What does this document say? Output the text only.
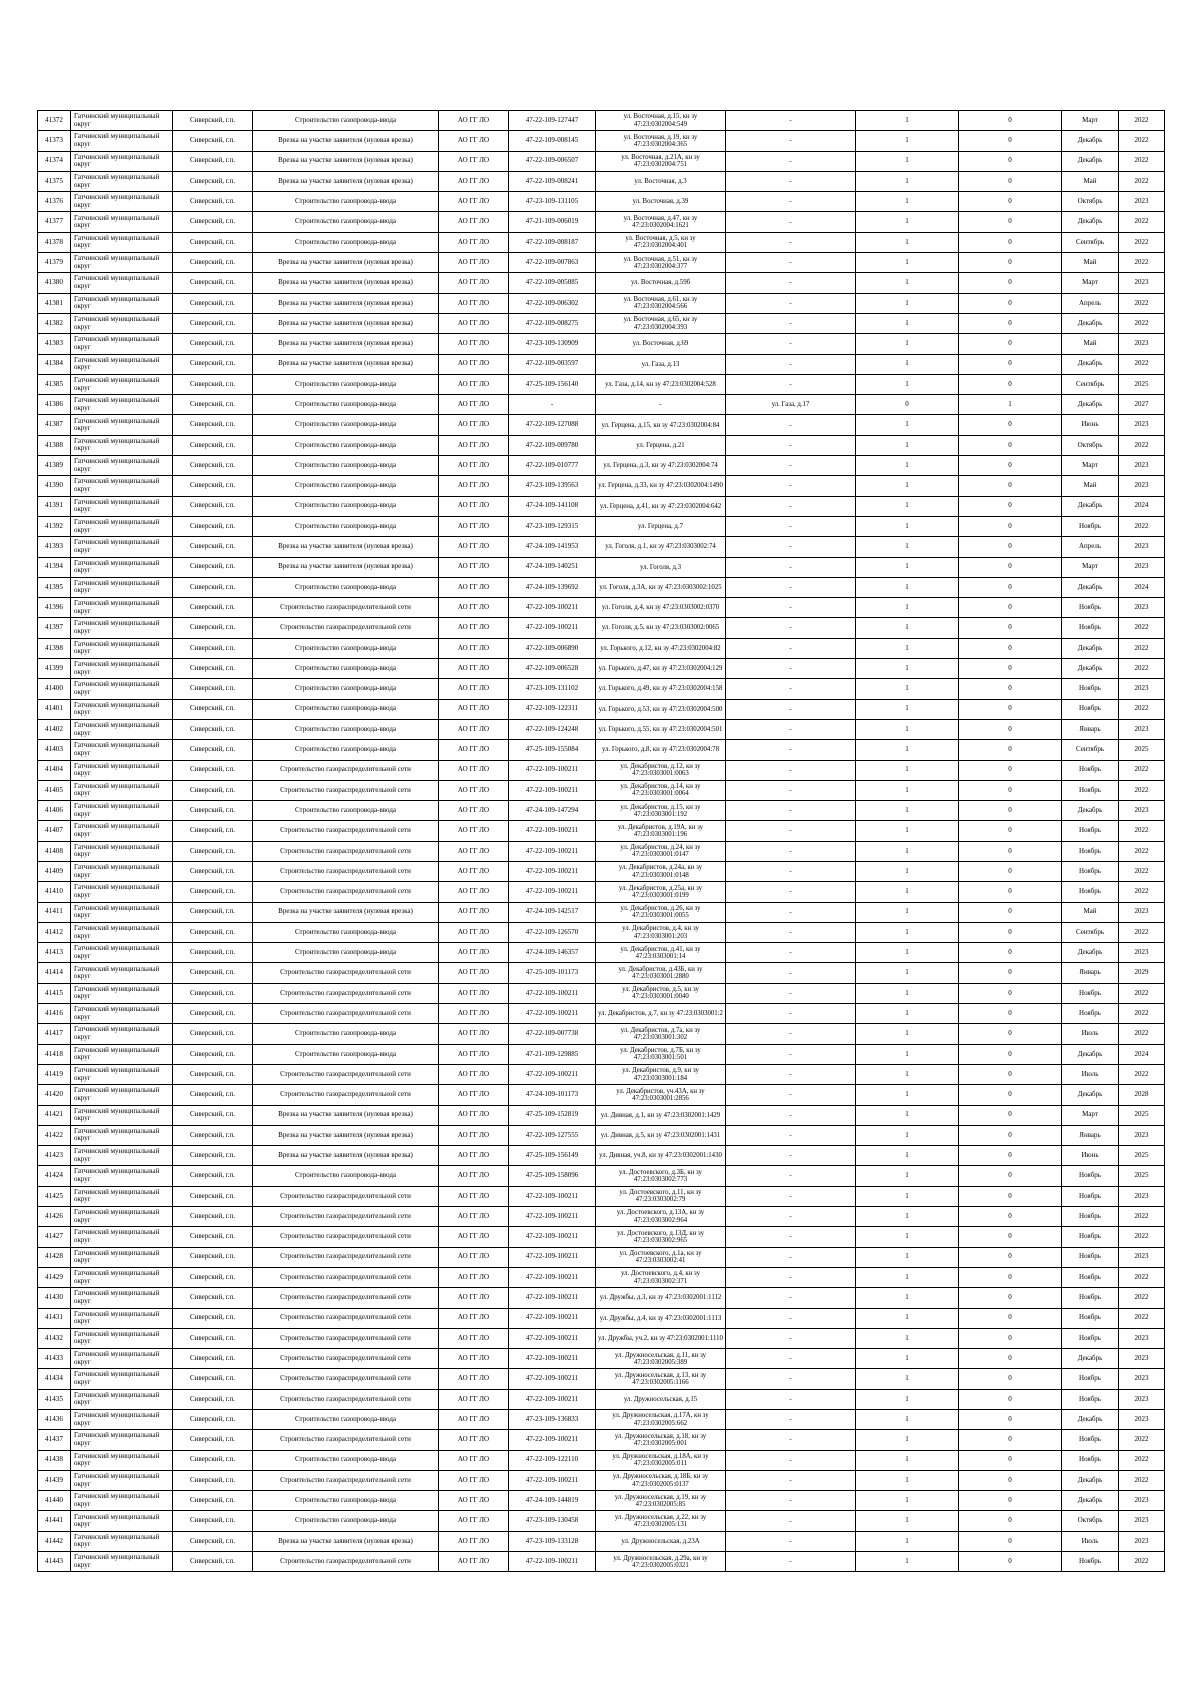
41372	Гатчинский муниципальный округ	Сиверский, г.п.	Строительство газопровода-ввода	АО ГГ ЛО	47-22-109-127447	ул. Восточная, д.15, кн зу 47:23:0302004:549	-	1	0	Март	2022
41373	Гатчинский муниципальный округ	Сиверский, г.п.	Врезка на участке заявителя (нулевая врезка)	АО ГГ ЛО	47-22-109-008145	ул. Восточная, д.19, кн зу 47:23:0302004:365	-	1	0	Декабрь	2022
41374	Гатчинский муниципальный округ	Сиверский, г.п.	Врезка на участке заявителя (нулевая врезка)	АО ГГ ЛО	47-22-109-006507	ул. Восточная, д.21А, кн зу 47:23:0302004:751	-	1	0	Декабрь	2022
41375	Гатчинский муниципальный округ	Сиверский, г.п.	Врезка на участке заявителя (нулевая врезка)	АО ГГ ЛО	47-22-109-008241	ул. Восточная, д.3	-	1	0	Май	2022
41376	Гатчинский муниципальный округ	Сиверский, г.п.	Строительство газопровода-ввода	АО ГГ ЛО	47-23-109-131105	ул. Восточная, д.39	-	1	0	Октябрь	2023
41377	Гатчинский муниципальный округ	Сиверский, г.п.	Строительство газопровода-ввода	АО ГГ ЛО	47-21-109-006019	ул. Восточная, д.47, кн зу 47:23:0302004:1621	-	1	0	Декабрь	2022
41378	Гатчинский муниципальный округ	Сиверский, г.п.	Строительство газопровода-ввода	АО ГГ ЛО	47-22-109-008187	ул. Восточная, д.5, кн зу 47:23:0302004:401	-	1	0	Сентябрь	2022
41379	Гатчинский муниципальный округ	Сиверский, г.п.	Врезка на участке заявителя (нулевая врезка)	АО ГГ ЛО	47-22-109-007863	ул. Восточная, д.51, кн зу 47:23:0302004:377	-	1	0	Май	2022
41380	Гатчинский муниципальный округ	Сиверский, г.п.	Врезка на участке заявителя (нулевая врезка)	АО ГГ ЛО	47-22-109-005085	ул. Восточная, д.59б	-	1	0	Март	2023
41381	Гатчинский муниципальный округ	Сиверский, г.п.	Врезка на участке заявителя (нулевая врезка)	АО ГГ ЛО	47-22-109-006302	ул. Восточная, д.61, кн зу 47:23:0302004:566	-	1	0	Апрель	2022
41382	Гатчинский муниципальный округ	Сиверский, г.п.	Врезка на участке заявителя (нулевая врезка)	АО ГГ ЛО	47-22-109-008275	ул. Восточная, д.65, кн зу 47:23:0302004:393	-	1	0	Декабрь	2022
41383	Гатчинский муниципальный округ	Сиверский, г.п.	Врезка на участке заявителя (нулевая врезка)	АО ГГ ЛО	47-23-109-130909	ул. Восточная, д.69	-	1	0	Май	2023
41384	Гатчинский муниципальный округ	Сиверский, г.п.	Врезка на участке заявителя (нулевая врезка)	АО ГГ ЛО	47-22-109-003597	ул. Газа, д.13	-	1	0	Декабрь	2022
41385	Гатчинский муниципальный округ	Сиверский, г.п.	Строительство газопровода-ввода	АО ГГ ЛО	47-25-109-156140	ул. Газа, д.14, кн зу 47:23:0302004:528	-	1	0	Сентябрь	2025
41386	Гатчинский муниципальный округ	Сиверский, г.п.	Строительство газопровода-ввода	АО ГГ ЛО	-	-	ул. Газа, д.17	0	1	Декабрь	2027
41387	Гатчинский муниципальный округ	Сиверский, г.п.	Строительство газопровода-ввода	АО ГГ ЛО	47-22-109-127088	ул. Герцена, д.15, кн зу 47:23:0302004:84	-	1	0	Июнь	2023
41388	Гатчинский муниципальный округ	Сиверский, г.п.	Строительство газопровода-ввода	АО ГГ ЛО	47-22-109-009780	ул. Герцена, д.21	-	1	0	Октябрь	2022
41389	Гатчинский муниципальный округ	Сиверский, г.п.	Строительство газопровода-ввода	АО ГГ ЛО	47-22-109-010777	ул. Герцена, д.3, кн зу 47:23:0302004:74	-	1	0	Март	2023
41390	Гатчинский муниципальный округ	Сиверский, г.п.	Строительство газопровода-ввода	АО ГГ ЛО	47-23-109-139563	ул. Герцена, д.33, кн зу 47:23:0302004:1490	-	1	0	Май	2023
41391	Гатчинский муниципальный округ	Сиверский, г.п.	Строительство газопровода-ввода	АО ГГ ЛО	47-24-109-141108	ул. Герцена, д.41, кн зу 47:23:0302004:642	-	1	0	Декабрь	2024
41392	Гатчинский муниципальный округ	Сиверский, г.п.	Строительство газопровода-ввода	АО ГГ ЛО	47-23-109-129315	ул. Герцена, д.7	-	1	0	Ноябрь	2022
41393	Гатчинский муниципальный округ	Сиверский, г.п.	Врезка на участке заявителя (нулевая врезка)	АО ГГ ЛО	47-24-109-141953	ул. Гоголя, д.1, кн зу 47:23:0303002:74	-	1	0	Апрель	2023
41394	Гатчинский муниципальный округ	Сиверский, г.п.	Врезка на участке заявителя (нулевая врезка)	АО ГГ ЛО	47-24-109-140251	ул. Гоголя, д.3	-	1	0	Март	2023
41395	Гатчинский муниципальный округ	Сиверский, г.п.	Строительство газопровода-ввода	АО ГГ ЛО	47-24-109-139692	ул. Гоголя, д.3А, кн зу 47:23:0303002:1025	-	1	0	Декабрь	2024
41396	Гатчинский муниципальный округ	Сиверский, г.п.	Строительство газораспределительной сети	АО ГГ ЛО	47-22-109-100211	ул. Гоголя, д.4, кн зу 47:23:0303002:0370	-	1	0	Ноябрь	2023
41397	Гатчинский муниципальный округ	Сиверский, г.п.	Строительство газораспределительной сети	АО ГГ ЛО	47-22-109-100211	ул. Гоголя, д.5, кн зу 47:23:0303002:0065	-	1	0	Ноябрь	2022
41398	Гатчинский муниципальный округ	Сиверский, г.п.	Строительство газопровода-ввода	АО ГГ ЛО	47-22-109-006890	ул. Горького, д.12, кн зу 47:23:0302004:82	-	1	0	Декабрь	2022
41399	Гатчинский муниципальный округ	Сиверский, г.п.	Строительство газопровода-ввода	АО ГГ ЛО	47-22-109-006528	ул. Горького, д.47, кн зу 47:23:0302004:129	-	1	0	Декабрь	2022
41400	Гатчинский муниципальный округ	Сиверский, г.п.	Строительство газопровода-ввода	АО ГГ ЛО	47-23-109-131102	ул. Горького, д.49, кн зу 47:23:0302004:158	-	1	0	Ноябрь	2023
41401	Гатчинский муниципальный округ	Сиверский, г.п.	Строительство газопровода-ввода	АО ГГ ЛО	47-22-109-122311	ул. Горького, д.53, кн зу 47:23:0302004:500	-	1	0	Ноябрь	2022
41402	Гатчинский муниципальный округ	Сиверский, г.п.	Строительство газопровода-ввода	АО ГГ ЛО	47-22-109-124248	ул. Горького, д.55, кн зу 47:23:0302004:501	-	1	0	Январь	2023
41403	Гатчинский муниципальный округ	Сиверский, г.п.	Строительство газопровода-ввода	АО ГГ ЛО	47-25-109-155084	ул. Горького, д.8, кн зу 47:23:0302004:78	-	1	0	Сентябрь	2025
41404	Гатчинский муниципальный округ	Сиверский, г.п.	Строительство газораспределительной сети	АО ГГ ЛО	47-22-109-100211	ул. Декабристов, д.12, кн зу 47:23:0303001:0063	-	1	0	Ноябрь	2022
41405	Гатчинский муниципальный округ	Сиверский, г.п.	Строительство газораспределительной сети	АО ГГ ЛО	47-22-109-100211	ул. Декабристов, д.14, кн зу 47:23:0303001:0064	-	1	0	Ноябрь	2022
41406	Гатчинский муниципальный округ	Сиверский, г.п.	Строительство газопровода-ввода	АО ГГ ЛО	47-24-109-147294	ул. Декабристов, д.15, кн зу 47:23:0303001:192	-	1	0	Декабрь	2023
41407	Гатчинский муниципальный округ	Сиверский, г.п.	Строительство газораспределительной сети	АО ГГ ЛО	47-22-109-100211	ул. Декабристов, д.19А, кн зу 47:23:0303001:196	-	1	0	Ноябрь	2022
41408	Гатчинский муниципальный округ	Сиверский, г.п.	Строительство газораспределительной сети	АО ГГ ЛО	47-22-109-100211	ул. Декабристов, д.24, кн зу 47:23:0303001:0147	-	1	0	Ноябрь	2022
41409	Гатчинский муниципальный округ	Сиверский, г.п.	Строительство газораспределительной сети	АО ГГ ЛО	47-22-109-100211	ул. Декабристов, д.24а, кн зу 47:23:0303001:0148	-	1	0	Ноябрь	2022
41410	Гатчинский муниципальный округ	Сиверский, г.п.	Строительство газораспределительной сети	АО ГГ ЛО	47-22-109-100211	ул. Декабристов, д.25а, кн зу 47:23:0303001:0199	-	1	0	Ноябрь	2022
41411	Гатчинский муниципальный округ	Сиверский, г.п.	Врезка на участке заявителя (нулевая врезка)	АО ГГ ЛО	47-24-109-142517	ул. Декабристов, д.26, кн зу 47:23:0303001:0055	-	1	0	Май	2023
41412	Гатчинский муниципальный округ	Сиверский, г.п.	Строительство газопровода-ввода	АО ГГ ЛО	47-22-109-126570	ул. Декабристов, д.4, кн зу 47:23:0303001:203	-	1	0	Сентябрь	2022
41413	Гатчинский муниципальный округ	Сиверский, г.п.	Строительство газопровода-ввода	АО ГГ ЛО	47-24-109-146357	ул. Декабристов, д.41, кн зу 47:23:0303001:14	-	1	0	Декабрь	2023
41414	Гатчинский муниципальный округ	Сиверский, г.п.	Строительство газораспределительной сети	АО ГГ ЛО	47-25-109-101173	ул. Декабристов, д.43Б, кн зу 47:23:0303001:2880	-	1	0	Январь	2029
41415	Гатчинский муниципальный округ	Сиверский, г.п.	Строительство газораспределительной сети	АО ГГ ЛО	47-22-109-100211	ул. Декабристов, д.5, кн зу 47:23:0303001:0040	-	1	0	Ноябрь	2022
41416	Гатчинский муниципальный округ	Сиверский, г.п.	Строительство газораспределительной сети	АО ГГ ЛО	47-22-109-100211	ул. Декабристов, д.7, кн зу 47:23:0303001:2	-	1	0	Ноябрь	2022
41417	Гатчинский муниципальный округ	Сиверский, г.п.	Строительство газопровода-ввода	АО ГГ ЛО	47-22-109-007738	ул. Декабристов, д.7а, кн зу 47:23:0303001:302	-	1	0	Июль	2022
41418	Гатчинский муниципальный округ	Сиверский, г.п.	Строительство газопровода-ввода	АО ГГ ЛО	47-21-109-129885	ул. Декабристов, д.7Б, кн зу 47:23:0303001:501	-	1	0	Декабрь	2024
41419	Гатчинский муниципальный округ	Сиверский, г.п.	Строительство газораспределительной сети	АО ГГ ЛО	47-22-109-100211	ул. Декабристов, д.9, кн зу 47:23:0303001:184	-	1	0	Июль	2022
41420	Гатчинский муниципальный округ	Сиверский, г.п.	Строительство газораспределительной сети	АО ГГ ЛО	47-24-109-101173	ул. Декабристов, уч.43А, кн зу 47:23:0303001:2856	-	1	0	Декабрь	2028
41421	Гатчинский муниципальный округ	Сиверский, г.п.	Врезка на участке заявителя (нулевая врезка)	АО ГГ ЛО	47-25-109-152819	ул. Дивная, д.1, кн зу 47:23:0302001:1429	-	1	0	Март	2025
41422	Гатчинский муниципальный округ	Сиверский, г.п.	Врезка на участке заявителя (нулевая врезка)	АО ГГ ЛО	47-22-109-127555	ул. Дивная, д.5, кн зу 47:23:0302001:1431	-	1	0	Январь	2023
41423	Гатчинский муниципальный округ	Сиверский, г.п.	Врезка на участке заявителя (нулевая врезка)	АО ГГ ЛО	47-25-109-156149	ул. Дивная, уч.8, кн зу 47:23:0302001:1430	-	1	0	Июнь	2025
41424	Гатчинский муниципальный округ	Сиверский, г.п.	Строительство газопровода-ввода	АО ГГ ЛО	47-25-109-158096	ул. Достоевского, д.3Б, кн зу 47:23:0303002:773	-	1	0	Ноябрь	2025
41425	Гатчинский муниципальный округ	Сиверский, г.п.	Строительство газораспределительной сети	АО ГГ ЛО	47-22-109-100211	ул. Достоевского, д.11, кн зу 47:23:0303002:79	-	1	0	Ноябрь	2023
41426	Гатчинский муниципальный округ	Сиверский, г.п.	Строительство газораспределительной сети	АО ГГ ЛО	47-22-109-100211	ул. Достоевского, д.13А, кн зу 47:23:0303002:964	-	1	0	Ноябрь	2022
41427	Гатчинский муниципальный округ	Сиверский, г.п.	Строительство газораспределительной сети	АО ГГ ЛО	47-22-109-100211	ул. Достоевского, д.13Д, кн зу 47:23:0303002:965	-	1	0	Ноябрь	2022
41428	Гатчинский муниципальный округ	Сиверский, г.п.	Строительство газораспределительной сети	АО ГГ ЛО	47-22-109-100211	ул. Достоевского, д.1а, кн зу 47:23:0303002:41	-	1	0	Ноябрь	2023
41429	Гатчинский муниципальный округ	Сиверский, г.п.	Строительство газораспределительной сети	АО ГГ ЛО	47-22-109-100211	ул. Достоевского, д.4, кн зу 47:23:0303002:371	-	1	0	Ноябрь	2022
41430	Гатчинский муниципальный округ	Сиверский, г.п.	Строительство газораспределительной сети	АО ГГ ЛО	47-22-109-100211	ул. Дружбы, д.3, кн зу 47:23:0302001:1112	-	1	0	Ноябрь	2022
41431	Гатчинский муниципальный округ	Сиверский, г.п.	Строительство газораспределительной сети	АО ГГ ЛО	47-22-109-100211	ул. Дружбы, д.4, кн зу 47:23:0302001:1113	-	1	0	Ноябрь	2022
41432	Гатчинский муниципальный округ	Сиверский, г.п.	Строительство газораспределительной сети	АО ГГ ЛО	47-22-109-100211	ул. Дружбы, уч.2, кн зу 47:23:0302001:1110	-	1	0	Ноябрь	2023
41433	Гатчинский муниципальный округ	Сиверский, г.п.	Строительство газораспределительной сети	АО ГГ ЛО	47-22-109-100211	ул. Дружносельская, д.11, кн зу 47:23:0302005:389	-	1	0	Декабрь	2023
41434	Гатчинский муниципальный округ	Сиверский, г.п.	Строительство газораспределительной сети	АО ГГ ЛО	47-22-109-100211	ул. Дружносельская, д.13, кн зу 47:23:0302005:1166	-	1	0	Ноябрь	2023
41435	Гатчинский муниципальный округ	Сиверский, г.п.	Строительство газораспределительной сети	АО ГГ ЛО	47-22-109-100211	ул. Дружносельская, д.15	-	1	0	Ноябрь	2023
41436	Гатчинский муниципальный округ	Сиверский, г.п.	Строительство газопровода-ввода	АО ГГ ЛО	47-23-109-136833	ул. Дружносельская, д.17А, кн зу 47:23:0302005:662	-	1	0	Декабрь	2023
41437	Гатчинский муниципальный округ	Сиверский, г.п.	Строительство газораспределительной сети	АО ГГ ЛО	47-22-109-100211	ул. Дружносельская, д.18, кн зу 47:23:0302005:001	-	1	0	Ноябрь	2022
41438	Гатчинский муниципальный округ	Сиверский, г.п.	Строительство газопровода-ввода	АО ГГ ЛО	47-22-109-122110	ул. Дружносельская, д.18А, кн зу 47:23:0302005:011	-	1	0	Ноябрь	2022
41439	Гатчинский муниципальный округ	Сиверский, г.п.	Строительство газораспределительной сети	АО ГГ ЛО	47-22-109-100211	ул. Дружносельская, д.18Б, кн зу 47:23:0302005:0137	-	1	0	Декабрь	2022
41440	Гатчинский муниципальный округ	Сиверский, г.п.	Строительство газопровода-ввода	АО ГГ ЛО	47-24-109-144819	ул. Дружносельская, д.19, кн зу 47:23:0302005:85	-	1	0	Декабрь	2023
41441	Гатчинский муниципальный округ	Сиверский, г.п.	Строительство газопровода-ввода	АО ГГ ЛО	47-23-109-130458	ул. Дружносельская, д.22, кн зу 47:23:0302005:131	-	1	0	Октябрь	2023
41442	Гатчинский муниципальный округ	Сиверский, г.п.	Врезка на участке заявителя (нулевая врезка)	АО ГГ ЛО	47-23-109-133128	ул. Дружносельская, д.23А	-	1	0	Июль	2023
41443	Гатчинский муниципальный округ	Сиверский, г.п.	Строительство газораспределительной сети	АО ГГ ЛО	47-22-109-100211	ул. Дружносельская, д.29а, кн зу 47:23:0302005:0321	-	1	0	Ноябрь	2022
